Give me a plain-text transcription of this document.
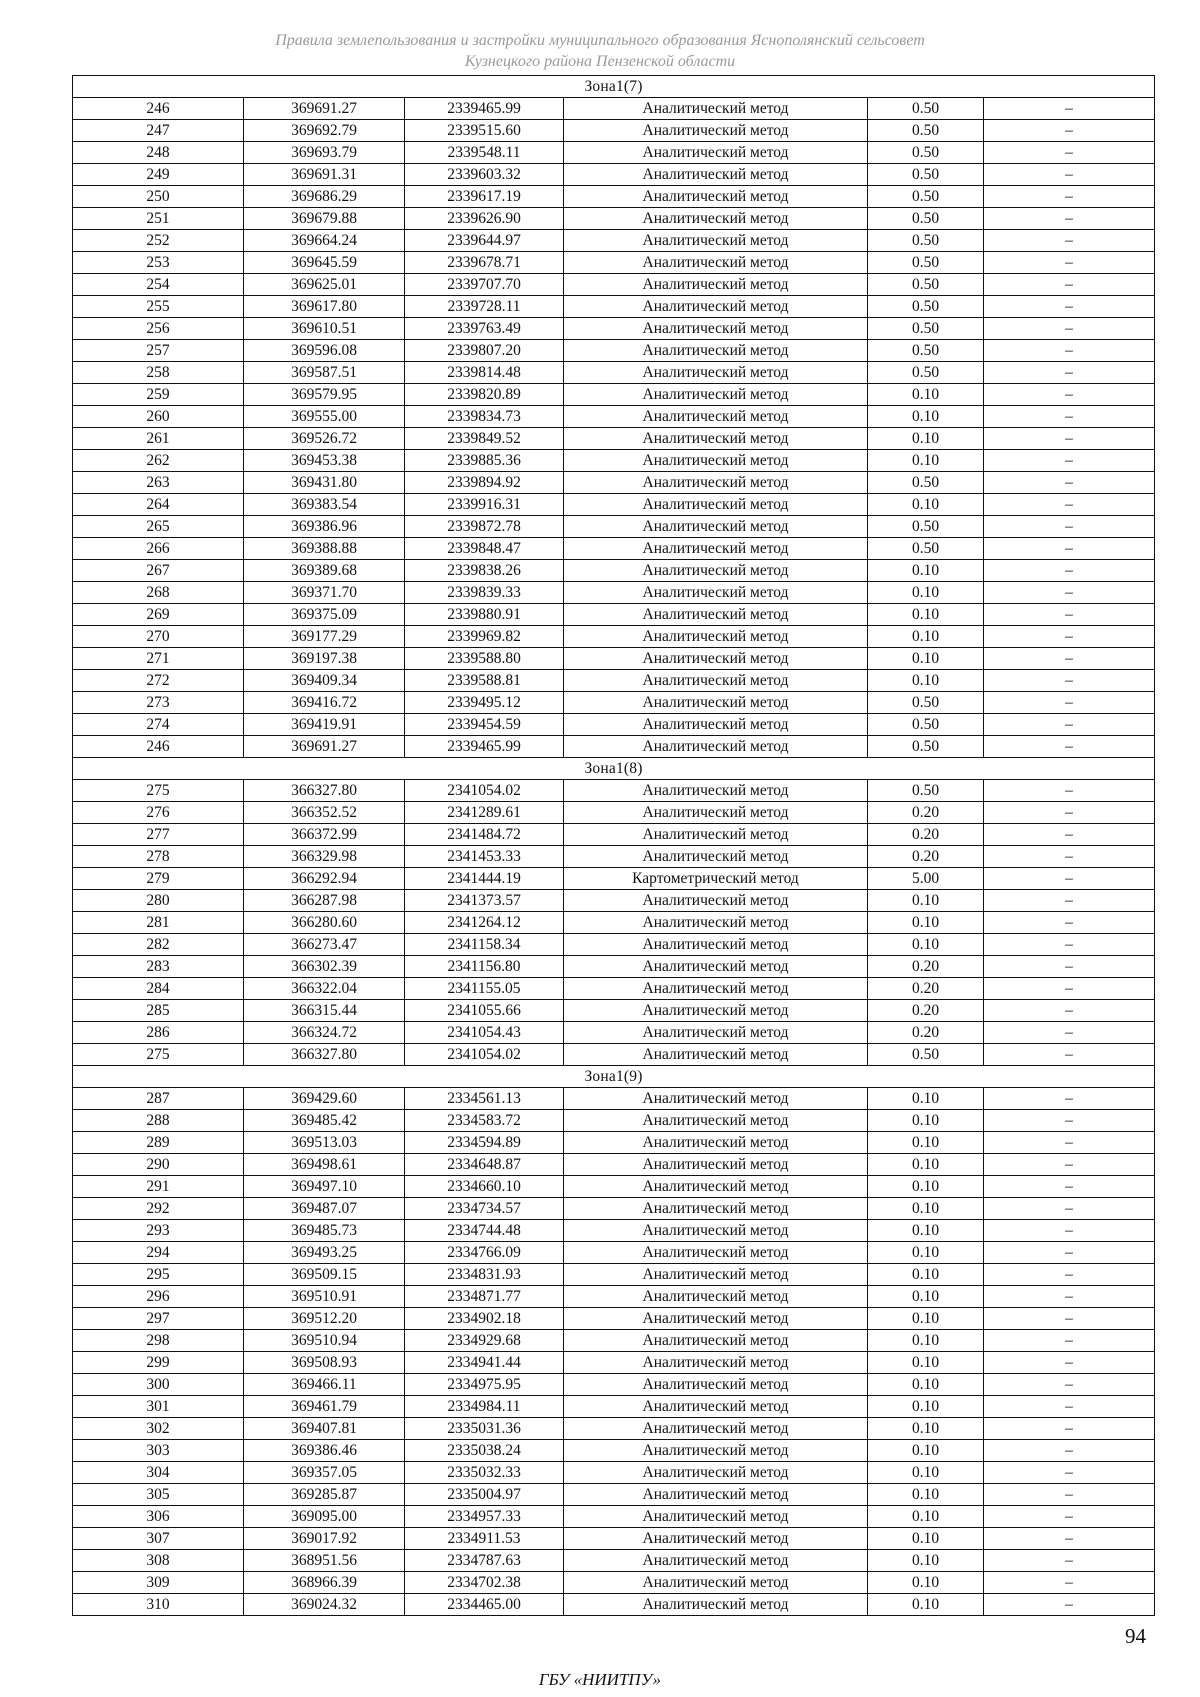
Правила землепользования и застройки муниципального образования Яснополянский сельсовет
Кузнецкого района Пензенской области
Зона1(7)					
246	369691.27	2339465.99	Аналитический метод	0.50	–
247	369692.79	2339515.60	Аналитический метод	0.50	–
248	369693.79	2339548.11	Аналитический метод	0.50	–
249	369691.31	2339603.32	Аналитический метод	0.50	–
250	369686.29	2339617.19	Аналитический метод	0.50	–
251	369679.88	2339626.90	Аналитический метод	0.50	–
252	369664.24	2339644.97	Аналитический метод	0.50	–
253	369645.59	2339678.71	Аналитический метод	0.50	–
254	369625.01	2339707.70	Аналитический метод	0.50	–
255	369617.80	2339728.11	Аналитический метод	0.50	–
256	369610.51	2339763.49	Аналитический метод	0.50	–
257	369596.08	2339807.20	Аналитический метод	0.50	–
258	369587.51	2339814.48	Аналитический метод	0.50	–
259	369579.95	2339820.89	Аналитический метод	0.10	–
260	369555.00	2339834.73	Аналитический метод	0.10	–
261	369526.72	2339849.52	Аналитический метод	0.10	–
262	369453.38	2339885.36	Аналитический метод	0.10	–
263	369431.80	2339894.92	Аналитический метод	0.50	–
264	369383.54	2339916.31	Аналитический метод	0.10	–
265	369386.96	2339872.78	Аналитический метод	0.50	–
266	369388.88	2339848.47	Аналитический метод	0.50	–
267	369389.68	2339838.26	Аналитический метод	0.10	–
268	369371.70	2339839.33	Аналитический метод	0.10	–
269	369375.09	2339880.91	Аналитический метод	0.10	–
270	369177.29	2339969.82	Аналитический метод	0.10	–
271	369197.38	2339588.80	Аналитический метод	0.10	–
272	369409.34	2339588.81	Аналитический метод	0.10	–
273	369416.72	2339495.12	Аналитический метод	0.50	–
274	369419.91	2339454.59	Аналитический метод	0.50	–
246	369691.27	2339465.99	Аналитический метод	0.50	–
Зона1(8)					
275	366327.80	2341054.02	Аналитический метод	0.50	–
276	366352.52	2341289.61	Аналитический метод	0.20	–
277	366372.99	2341484.72	Аналитический метод	0.20	–
278	366329.98	2341453.33	Аналитический метод	0.20	–
279	366292.94	2341444.19	Картометрический метод	5.00	–
280	366287.98	2341373.57	Аналитический метод	0.10	–
281	366280.60	2341264.12	Аналитический метод	0.10	–
282	366273.47	2341158.34	Аналитический метод	0.10	–
283	366302.39	2341156.80	Аналитический метод	0.20	–
284	366322.04	2341155.05	Аналитический метод	0.20	–
285	366315.44	2341055.66	Аналитический метод	0.20	–
286	366324.72	2341054.43	Аналитический метод	0.20	–
275	366327.80	2341054.02	Аналитический метод	0.50	–
Зона1(9)					
287	369429.60	2334561.13	Аналитический метод	0.10	–
288	369485.42	2334583.72	Аналитический метод	0.10	–
289	369513.03	2334594.89	Аналитический метод	0.10	–
290	369498.61	2334648.87	Аналитический метод	0.10	–
291	369497.10	2334660.10	Аналитический метод	0.10	–
292	369487.07	2334734.57	Аналитический метод	0.10	–
293	369485.73	2334744.48	Аналитический метод	0.10	–
294	369493.25	2334766.09	Аналитический метод	0.10	–
295	369509.15	2334831.93	Аналитический метод	0.10	–
296	369510.91	2334871.77	Аналитический метод	0.10	–
297	369512.20	2334902.18	Аналитический метод	0.10	–
298	369510.94	2334929.68	Аналитический метод	0.10	–
299	369508.93	2334941.44	Аналитический метод	0.10	–
300	369466.11	2334975.95	Аналитический метод	0.10	–
301	369461.79	2334984.11	Аналитический метод	0.10	–
302	369407.81	2335031.36	Аналитический метод	0.10	–
303	369386.46	2335038.24	Аналитический метод	0.10	–
304	369357.05	2335032.33	Аналитический метод	0.10	–
305	369285.87	2335004.97	Аналитический метод	0.10	–
306	369095.00	2334957.33	Аналитический метод	0.10	–
307	369017.92	2334911.53	Аналитический метод	0.10	–
308	368951.56	2334787.63	Аналитический метод	0.10	–
309	368966.39	2334702.38	Аналитический метод	0.10	–
310	369024.32	2334465.00	Аналитический метод	0.10	–
94
ГБУ «НИИТПУ»
